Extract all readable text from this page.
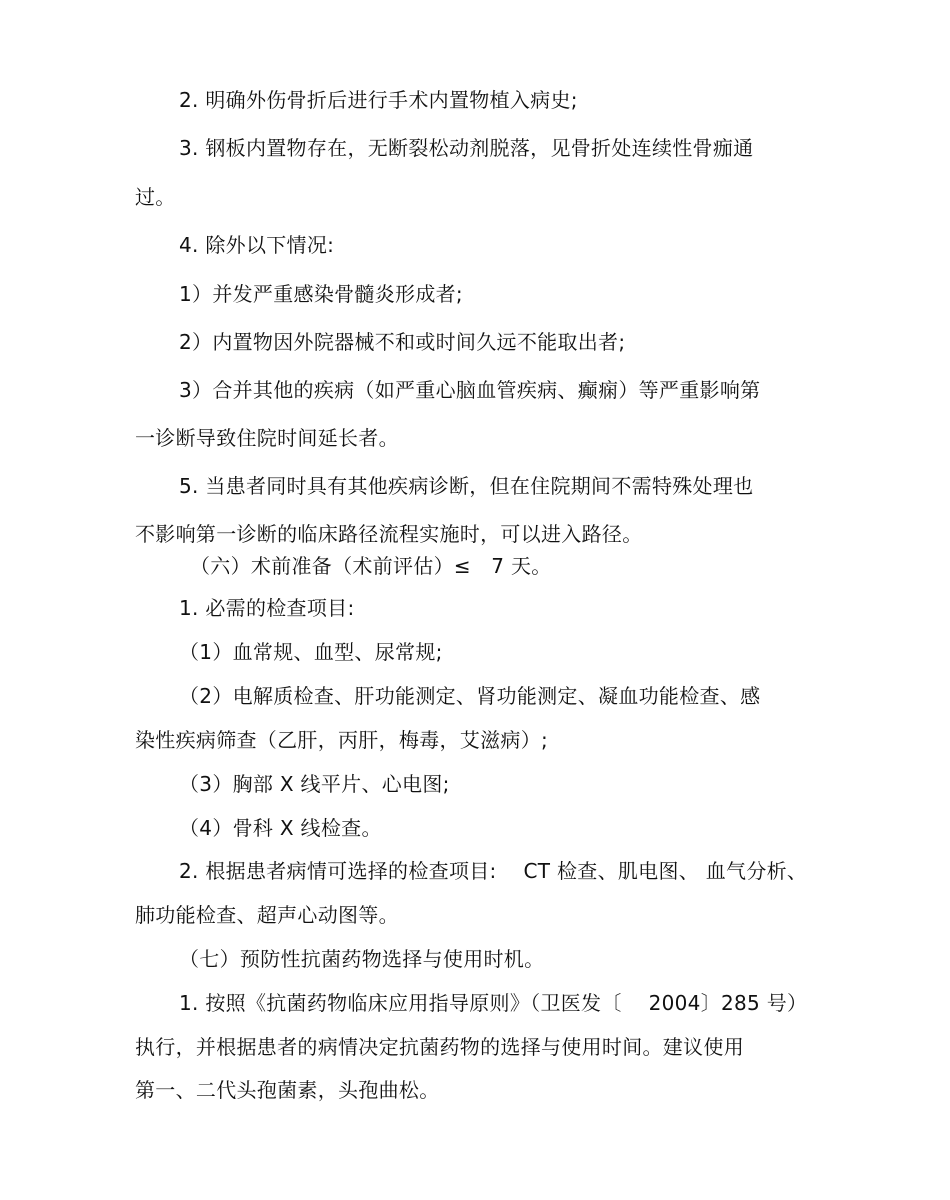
2. 明确外伤骨折后进行手术内置物植入病史;
3. 钢板内置物存在，无断裂松动剂脱落，见骨折处连续性骨痂通
过。
4. 除外以下情况:
1）并发严重感染骨髓炎形成者;
2）内置物因外院器械不和或时间久远不能取出者;
3）合并其他的疾病（如严重心脑血管疾病、癫痫）等严重影响第
一诊断导致住院时间延长者。
5. 当患者同时具有其他疾病诊断，但在住院期间不需特殊处理也
不影响第一诊断的临床路径流程实施时，可以进入路径。
（六）术前准备（术前评估）≤　7 天。
1. 必需的检查项目:
（1）血常规、血型、尿常规;
（2）电解质检查、肝功能测定、肾功能测定、凝血功能检查、感
染性疾病筛查（乙肝，丙肝，梅毒，艾滋病）;
（3）胸部 X 线平片、心电图;
（4）骨科 X 线检查。
2. 根据患者病情可选择的检查项目:　 CT 检查、肌电图、 血气分析、
肺功能检查、超声心动图等。
（七）预防性抗菌药物选择与使用时机。
1. 按照《抗菌药物临床应用指导原则》（卫医发〔　 2004〕285 号）
执行，并根据患者的病情决定抗菌药物的选择与使用时间。建议使用
第一、二代头孢菌素，头孢曲松。
